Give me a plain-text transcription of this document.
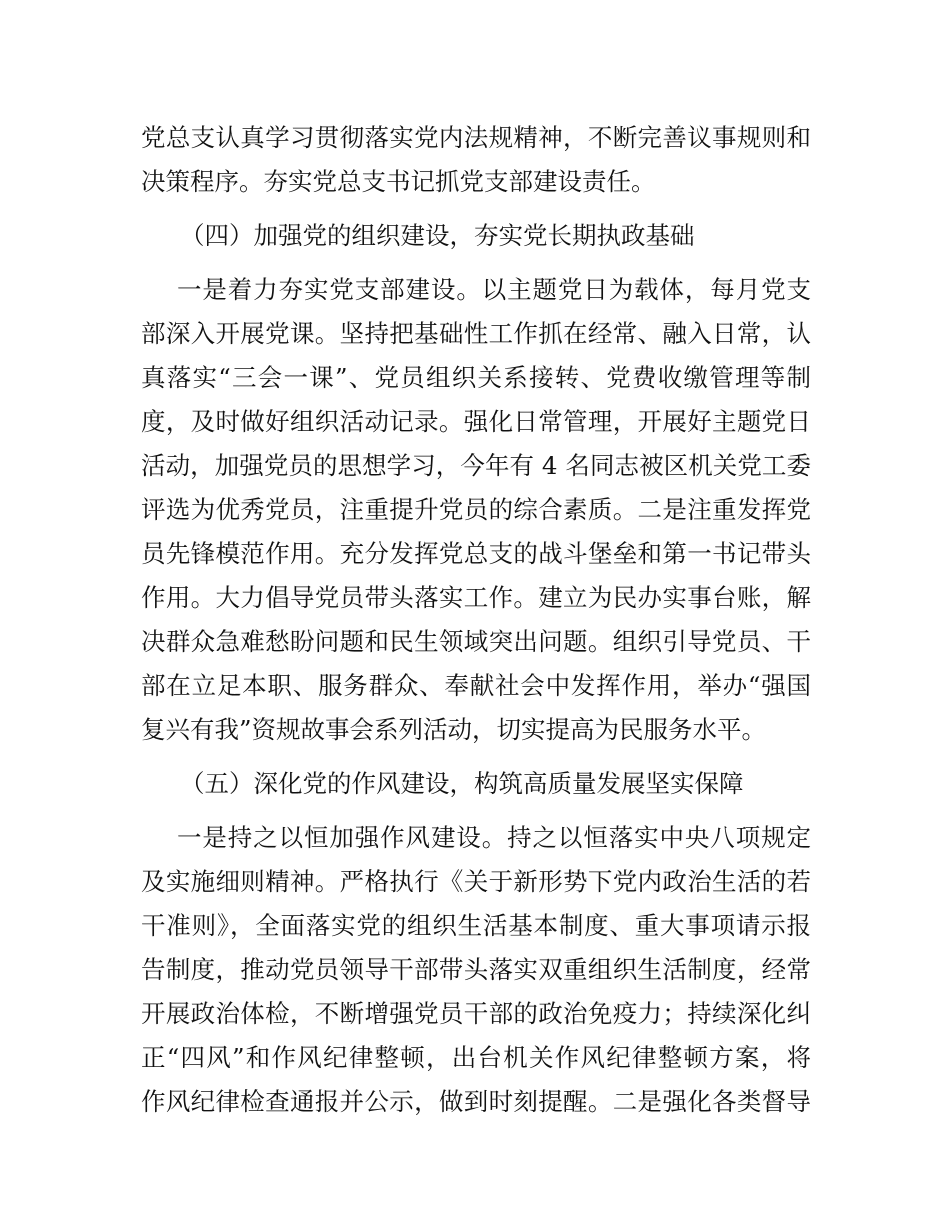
党总支认真学习贯彻落实党内法规精神，不断完善议事规则和
决策程序。夯实党总支书记抓党支部建设责任。
（四）加强党的组织建设，夯实党长期执政基础
一是着力夯实党支部建设。以主题党日为载体，每月党支
部深入开展党课。坚持把基础性工作抓在经常、融入日常，认
真落实“三会一课”、党员组织关系接转、党费收缴管理等制
度，及时做好组织活动记录。强化日常管理，开展好主题党日
活动，加强党员的思想学习，今年有 4 名同志被区机关党工委
评选为优秀党员，注重提升党员的综合素质。二是注重发挥党
员先锋模范作用。充分发挥党总支的战斗堡垒和第一书记带头
作用。大力倡导党员带头落实工作。建立为民办实事台账，解
决群众急难愁盼问题和民生领域突出问题。组织引导党员、干
部在立足本职、服务群众、奉献社会中发挥作用，举办“强国
复兴有我”资规故事会系列活动，切实提高为民服务水平。
（五）深化党的作风建设，构筑高质量发展坚实保障
一是持之以恒加强作风建设。持之以恒落实中央八项规定
及实施细则精神。严格执行《关于新形势下党内政治生活的若
干准则》，全面落实党的组织生活基本制度、重大事项请示报
告制度，推动党员领导干部带头落实双重组织生活制度，经常
开展政治体检，不断增强党员干部的政治免疫力；持续深化纠
正“四风”和作风纪律整顿，出台机关作风纪律整顿方案，将
作风纪律检查通报并公示，做到时刻提醒。二是强化各类督导
